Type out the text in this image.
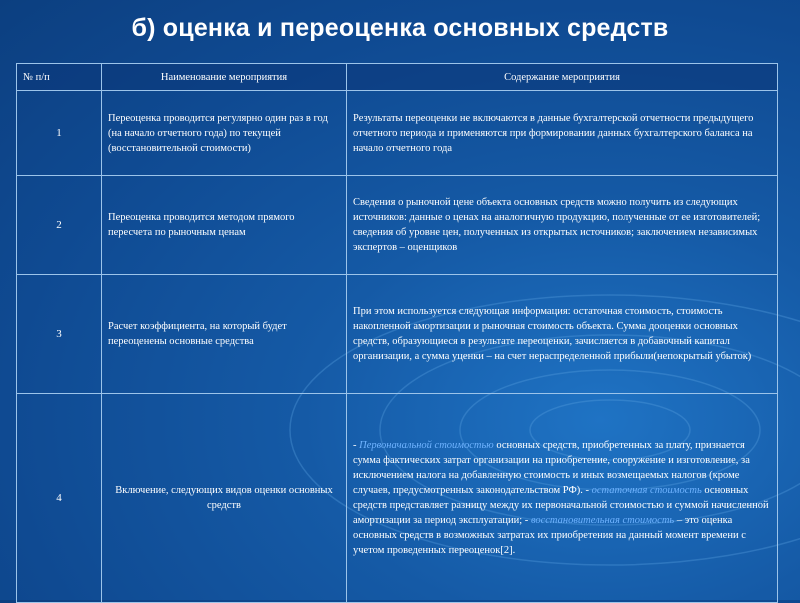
б) оценка и переоценка основных средств
№ п/п	Наименование мероприятия	Содержание мероприятия
1	Переоценка проводится регулярно один раз в год (на начало отчетного года) по текущей (восстановительной стоимости)	Результаты переоценки не включаются в данные бухгалтерской отчетности предыдущего отчетного периода и применяются при формировании данных бухгалтерского баланса на начало отчетного года
2	Переоценка проводится методом прямого пересчета по рыночным ценам	Сведения о рыночной цене объекта основных средств можно получить из следующих источников: данные о ценах на аналогичную продукцию, полученные от ее изготовителей; сведения об уровне цен, полученных из открытых источников; заключением независимых экспертов – оценщиков
3	Расчет коэффициента, на который будет переоценены основные средства	При этом используется следующая информация: остаточная стоимость, стоимость накопленной амортизации и рыночная стоимость объекта. Сумма дооценки основных средств, образующиеся в результате переоценки, зачисляется в добавочный капитал организации, а сумма уценки – на счет нераспределенной прибыли(непокрытый убыток)
4	Включение, следующих видов оценки основных средств	- Первоначальной стоимостью основных средств, приобретенных за плату, признается сумма фактических затрат организации на приобретение, сооружение и изготовление, за исключением налога на добавленную стоимость и иных возмещаемых налогов (кроме случаев, предусмотренных законодательством РФ). - остаточная стоимость основных средств представляет разницу между их первоначальной стоимостью и суммой начисленной амортизации за период эксплуатации; - восстановительная стоимость – это оценка основных средств в возможных затратах их приобретения на данный момент времени с учетом проведенных переоценок[2].
